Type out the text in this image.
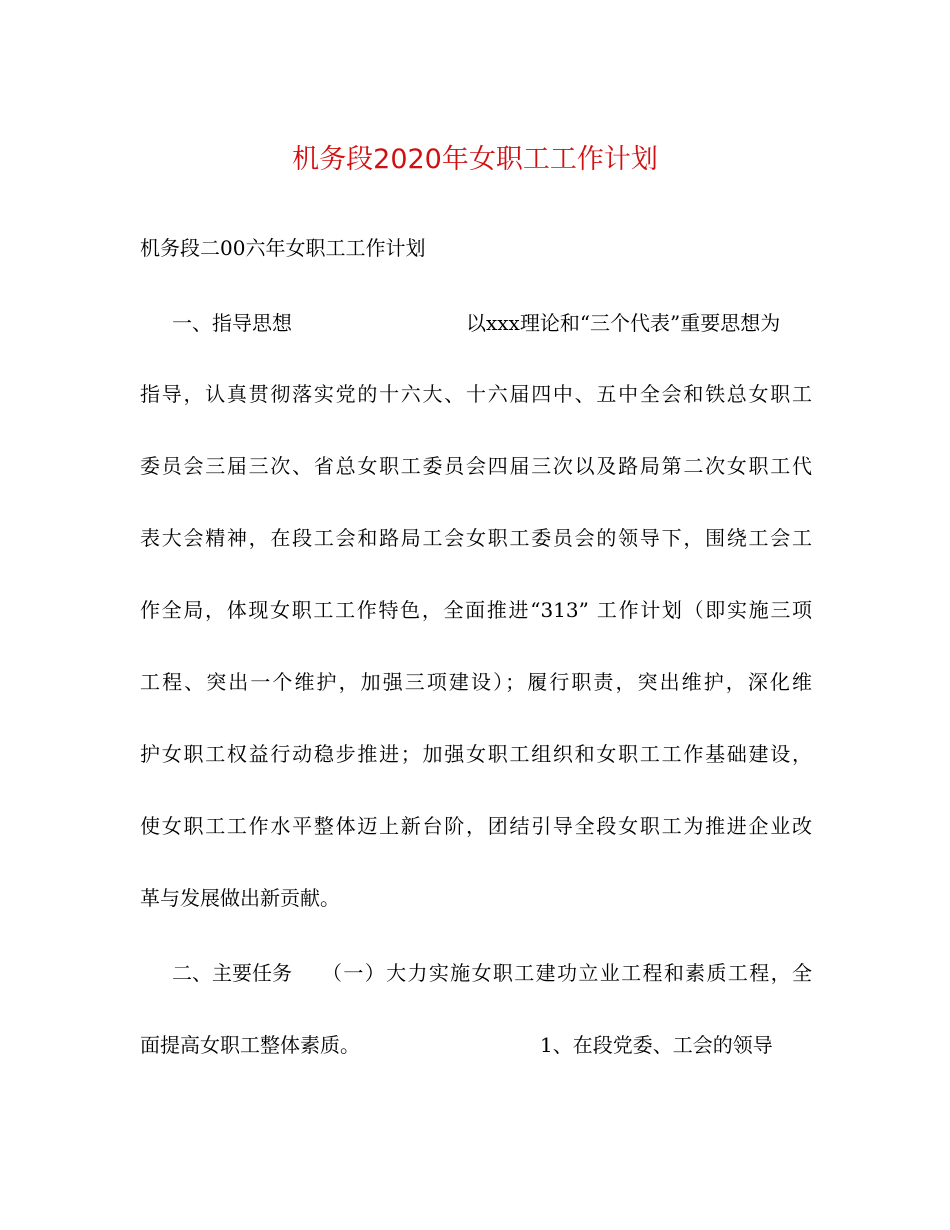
机务段2020年女职工工作计划
机务段二00六年女职工工作计划
一、指导思想	以xxx理论和“三个代表”重要思想为
指导，认真贯彻落实党的十六大、十六届四中、五中全会和铁总女职工
委员会三届三次、省总女职工委员会四届三次以及路局第二次女职工代
表大会精神，在段工会和路局工会女职工委员会的领导下，围绕工会工
作全局，体现女职工工作特色，全面推进“313” 工作计划（即实施三项
工程、突出一个维护，加强三项建设）；履行职责，突出维护，深化维
护女职工权益行动稳步推进；加强女职工组织和女职工工作基础建设，
使女职工工作水平整体迈上新台阶，团结引导全段女职工为推进企业改
革与发展做出新贡献。
二、主要任务 （一）大力实施女职工建功立业工程和素质工程，全
面提高女职工整体素质。	1、在段党委、工会的领导
